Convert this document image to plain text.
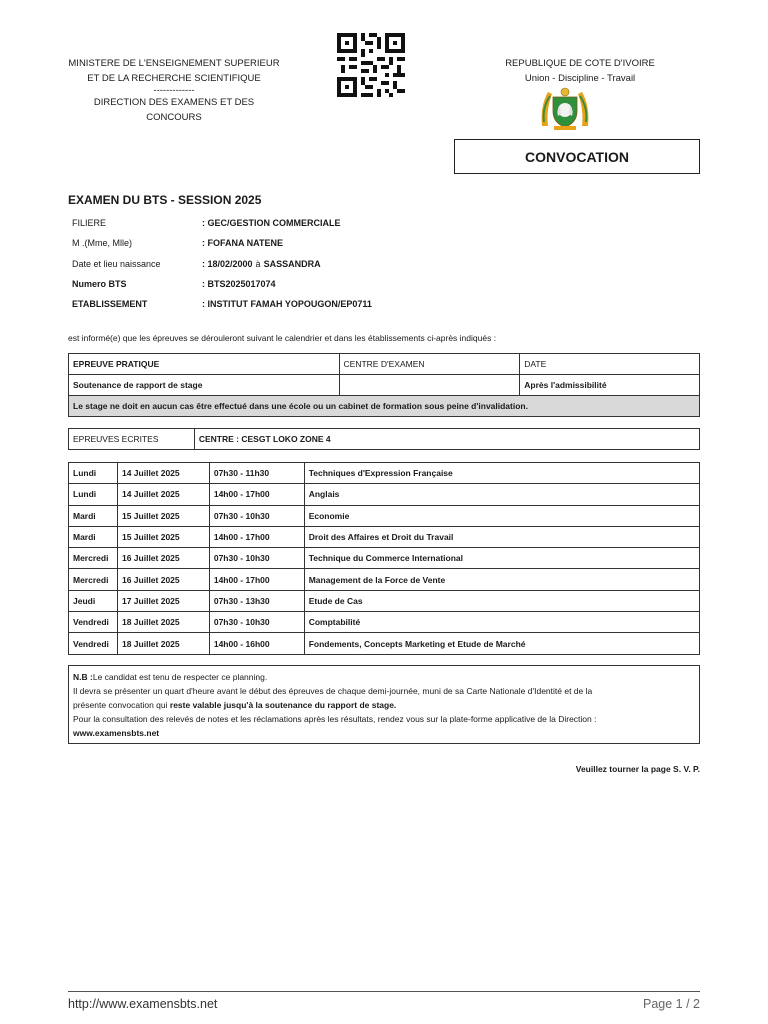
MINISTERE DE L'ENSEIGNEMENT SUPERIEUR
ET DE LA RECHERCHE SCIENTIFIQUE
-------------
DIRECTION DES EXAMENS ET DES
CONCOURS
REPUBLIQUE DE COTE D'IVOIRE
Union - Discipline - Travail
CONVOCATION
EXAMEN DU BTS - SESSION 2025
FILIERE	: GEC/GESTION COMMERCIALE
M .(Mme, Mlle)	: FOFANA NATENE
Date et lieu naissance	: 18/02/2000 à SASSANDRA
Numero BTS	: BTS2025017074
ETABLISSEMENT	: INSTITUT FAMAH YOPOUGON/EP0711
est informé(e) que les épreuves se dérouleront suivant le calendrier et dans les établissements ci-après indiqués :
EPREUVE PRATIQUE	CENTRE D'EXAMEN	DATE
Soutenance de rapport de stage		Après l'admissibilité
Le stage ne doit en aucun cas être effectué dans une école ou un cabinet de formation sous peine d'invalidation.		
EPREUVES ECRITES	CENTRE : CESGT LOKO ZONE 4
Lundi	14 Juillet 2025	07h30 - 11h30	Techniques d'Expression Française
Lundi	14 Juillet 2025	14h00 - 17h00	Anglais
Mardi	15 Juillet 2025	07h30 - 10h30	Economie
Mardi	15 Juillet 2025	14h00 - 17h00	Droit des Affaires et Droit du Travail
Mercredi	16 Juillet 2025	07h30 - 10h30	Technique du Commerce International
Mercredi	16 Juillet 2025	14h00 - 17h00	Management de la Force de Vente
Jeudi	17 Juillet 2025	07h30 - 13h30	Etude de Cas
Vendredi	18 Juillet 2025	07h30 - 10h30	Comptabilité
Vendredi	18 Juillet 2025	14h00 - 16h00	Fondements, Concepts Marketing et Etude de Marché
N.B :Le candidat est tenu de respecter ce planning.
Il devra se présenter un quart d'heure avant le début des épreuves de chaque demi-journée, muni de sa Carte Nationale d'Identité et de la
présente convocation qui reste valable jusqu'à la soutenance du rapport de stage.
Pour la consultation des relevés de notes et les réclamations après les résultats, rendez vous sur la plate-forme applicative de la Direction :
www.examensbts.net
Veuillez tourner la page S. V. P.
http://www.examensbts.net	Page 1 / 2
